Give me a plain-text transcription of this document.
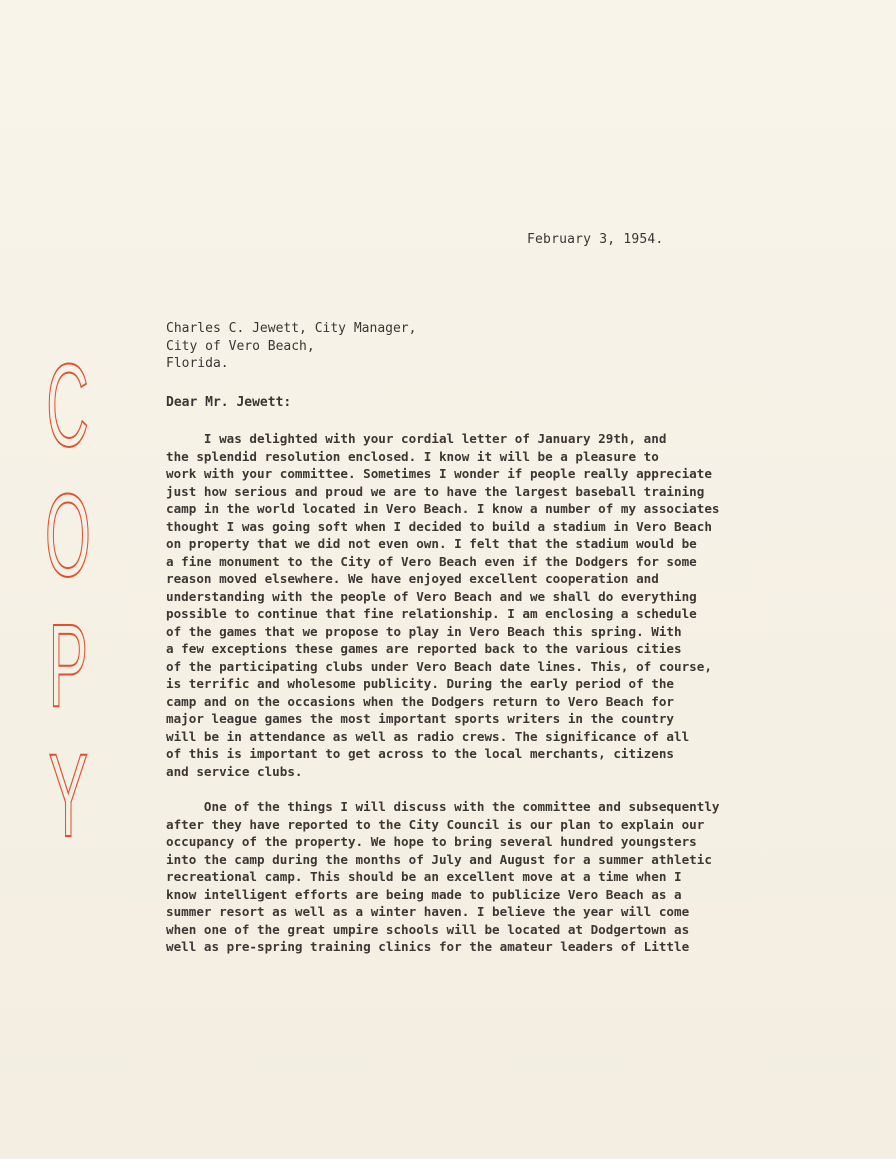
C
O
P
Y
February 3, 1954.
Charles C. Jewett, City Manager,
City of Vero Beach,
Florida.
Dear Mr. Jewett:
I was delighted with your cordial letter of January 29th, and
the splendid resolution enclosed. I know it will be a pleasure to
work with your committee. Sometimes I wonder if people really appreciate
just how serious and proud we are to have the largest baseball training
camp in the world located in Vero Beach. I know a number of my associates
thought I was going soft when I decided to build a stadium in Vero Beach
on property that we did not even own. I felt that the stadium would be
a fine monument to the City of Vero Beach even if the Dodgers for some
reason moved elsewhere. We have enjoyed excellent cooperation and
understanding with the people of Vero Beach and we shall do everything
possible to continue that fine relationship. I am enclosing a schedule
of the games that we propose to play in Vero Beach this spring. With
a few exceptions these games are reported back to the various cities
of the participating clubs under Vero Beach date lines. This, of course,
is terrific and wholesome publicity. During the early period of the
camp and on the occasions when the Dodgers return to Vero Beach for
major league games the most important sports writers in the country
will be in attendance as well as radio crews. The significance of all
of this is important to get across to the local merchants, citizens
and service clubs.
One of the things I will discuss with the committee and subsequently
after they have reported to the City Council is our plan to explain our
occupancy of the property. We hope to bring several hundred youngsters
into the camp during the months of July and August for a summer athletic
recreational camp. This should be an excellent move at a time when I
know intelligent efforts are being made to publicize Vero Beach as a
summer resort as well as a winter haven. I believe the year will come
when one of the great umpire schools will be located at Dodgertown as
well as pre-spring training clinics for the amateur leaders of Little
